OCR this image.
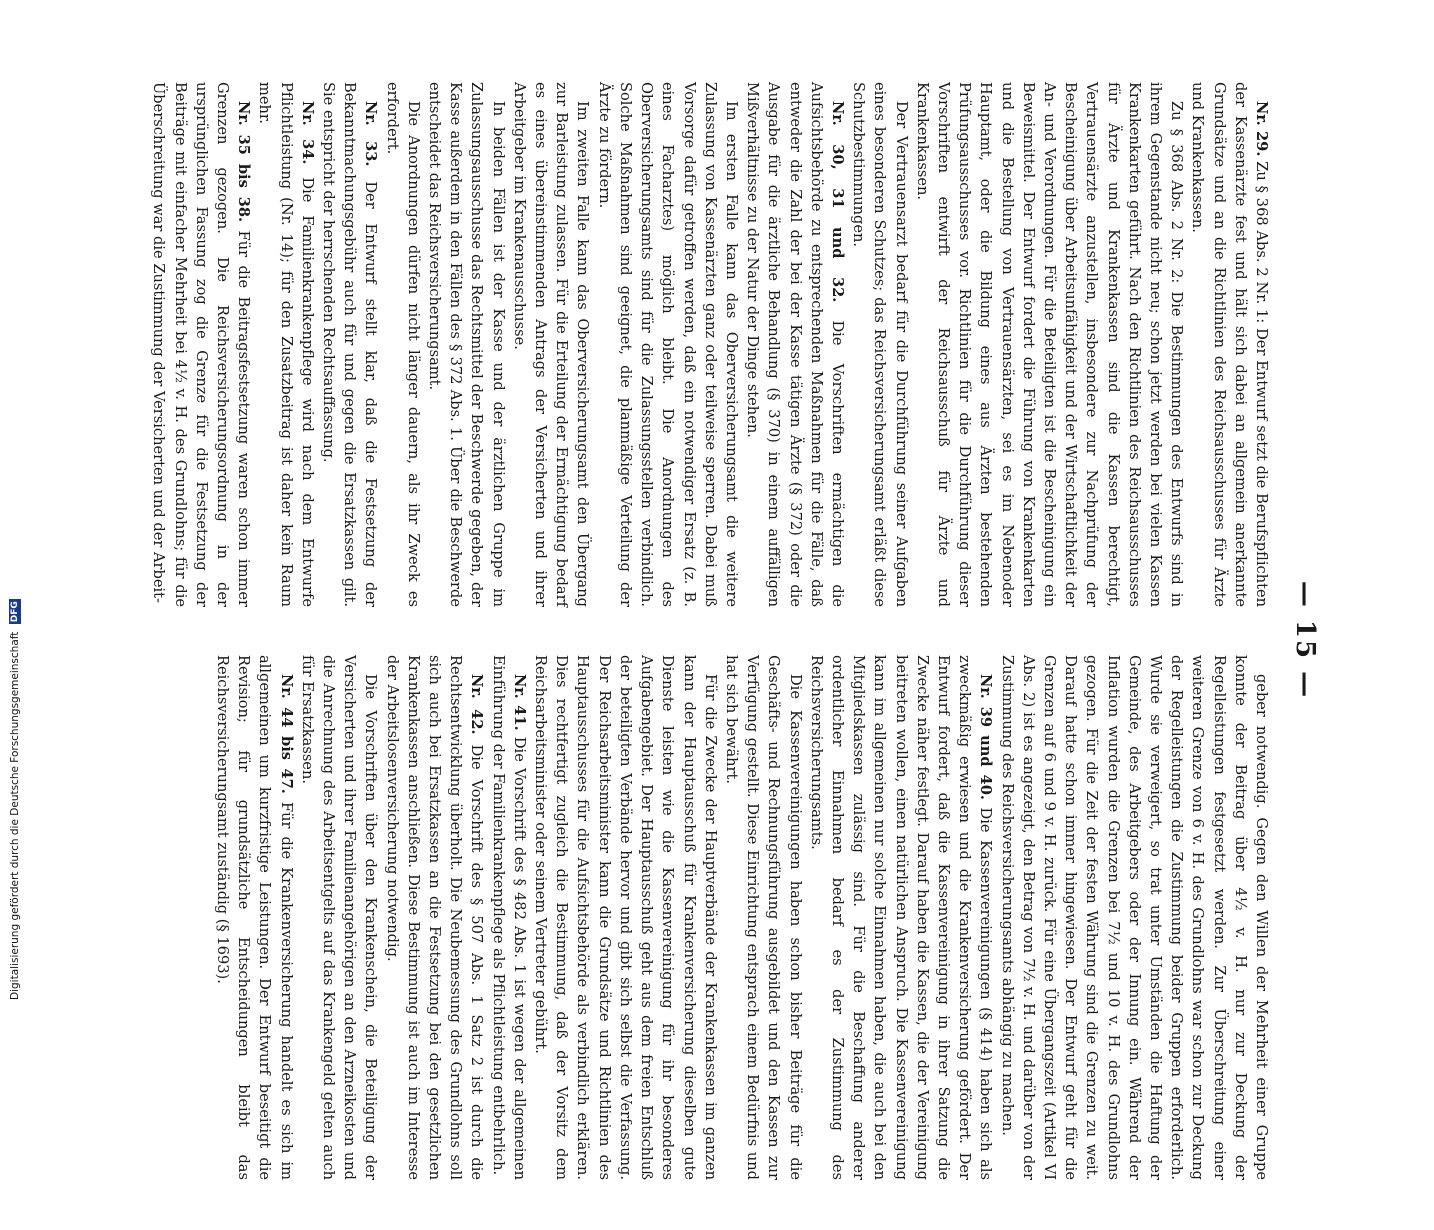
— 15 —

Nr. 29. Zu § 368 Abs. 2 Nr. 1: Der Entwurf setzt die Berufspflichten der Kassenärzte fest und hält sich dabei an allgemein anerkannte Grundsätze und an die Richtlinien des Reichsausschusses für Ärzte und Krankenkassen.

Zu § 368 Abs. 2 Nr. 2: Die Bestimmungen des Entwurfs sind in ihrem Gegenstande nicht neu; schon jetzt werden bei vielen Kassen Krankenkarten geführt. Nach den Richtlinien des Reichsausschusses für Ärzte und Krankenkassen sind die Kassen berechtigt, Vertrauensärzte anzustellen, insbesondere zur Nachprüfung der Bescheinigung über Arbeitsunfähigkeit und der Wirtschaftlichkeit der An- und Verordnungen. Für die Beteiligten ist die Bescheinigung ein Beweismittel. Der Entwurf fordert die Führung von Krankenkarten und die Bestellung von Vertrauensärzten, sei es im Nebenoder Hauptamt, oder die Bildung eines aus Ärzten bestehenden Prüfungsausschusses vor. Richtlinien für die Durchführung dieser Vorschriften entwirft der Reichsausschuß für Ärzte und Krankenkassen.

Der Vertrauensarzt bedarf für die Durchführung seiner Aufgaben eines besonderen Schutzes; das Reichsversicherungsamt erläßt diese Schutzbestimmungen.

Nr. 30, 31 und 32. Die Vorschriften ermächtigen die Aufsichtsbehörde zu entsprechenden Maßnahmen für die Fälle, daß entweder die Zahl der bei der Kasse tätigen Ärzte (§ 372) oder die Ausgabe für die ärztliche Behandlung (§ 370) in einem auffälligen Mißverhältnisse zu der Natur der Dinge stehen.

Im ersten Falle kann das Oberversicherungsamt die weitere Zulassung von Kassenärzten ganz oder teilweise sperren. Dabei muß Vorsorge dafür getroffen werden, daß ein notwendiger Ersatz (z. B. eines Facharztes) möglich bleibt. Die Anordnungen des Oberversicherungsamts sind für die Zulassungsstellen verbindlich. Solche Maßnahmen sind geeignet, die planmäßige Verteilung der Ärzte zu fördern.

Im zweiten Falle kann das Oberversicherungsamt den Übergang zur Barleistung zulassen. Für die Erteilung der Ermächtigung bedarf es eines übereinstimmenden Antrags der Versicherten und ihrer Arbeitgeber im Krankenausschusse.

In beiden Fällen ist der Kasse und der ärztlichen Gruppe im Zulassungsausschusse das Rechtsmittel der Beschwerde gegeben, der Kasse außerdem in den Fällen des § 372 Abs. 1. Über die Beschwerde entscheidet das Reichsversicherungsamt.

Die Anordnungen dürfen nicht länger dauern, als ihr Zweck es erfordert.

Nr. 33. Der Entwurf stellt klar, daß die Festsetzung der Bekanntmachungsgebühr auch für und gegen die Ersatzkassen gilt. Sie entspricht der herrschenden Rechtsauffassung.

Nr. 34. Die Familienkrankenpflege wird nach dem Entwurfe Pflichtleistung (Nr. 14); für den Zusatzbeitrag ist daher kein Raum mehr.

Nr. 35 bis 38. Für die Beitragsfestsetzung waren schon immer Grenzen gezogen. Die Reichsversicherungsordnung in der ursprünglichen Fassung zog die Grenze für die Festsetzung der Beiträge mit einfacher Mehrheit bei 4½ v. H. des Grundlohns; für die Überschreitung war die Zustimmung der Versicherten und der Arbeit-

geber notwendig. Gegen den Willen der Mehrheit einer Gruppe konnte der Beitrag über 4½ v. H. nur zur Deckung der Regelleistungen festgesetzt werden. Zur Überschreitung einer weiteren Grenze von 6 v. H. des Grundlohns war schon zur Deckung der Regelleistungen die Zustimmung beider Gruppen erforderlich. Wurde sie verweigert, so trat unter Umständen die Haftung der Gemeinde, des Arbeitgebers oder der Innung ein. Während der Inflation wurden die Grenzen bei 7½ und 10 v. H. des Grundlohns gezogen. Für die Zeit der festen Währung sind die Grenzen zu weit. Darauf hatte schon immer hingewiesen. Der Entwurf geht für die Grenzen auf 6 und 9 v. H. zurück. Für eine Übergangszeit (Artikel VI Abs. 2) ist es angezeigt, den Betrag von 7½ v. H. und darüber von der Zustimmung des Reichsversicherungsamts abhängig zu machen.

Nr. 39 und 40. Die Kassenvereinigungen (§ 414) haben sich als zweckmäßig erwiesen und die Krankenversicherung gefördert. Der Entwurf fordert, daß die Kassenvereinigung in ihrer Satzung die Zwecke näher festlegt. Darauf haben die Kassen, die der Vereinigung beitreten wollen, einen natürlichen Anspruch. Die Kassenvereinigung kann im allgemeinen nur solche Einnahmen haben, die auch bei den Mitgliedskassen zulässig sind. Für die Beschaffung anderer ordentlicher Einnahmen bedarf es der Zustimmung des Reichsversicherungsamts.

Die Kassenvereinigungen haben schon bisher Beiträge für die Geschäfts- und Rechnungsführung ausgebildet und den Kassen zur Verfügung gestellt. Diese Einrichtung entsprach einem Bedürfnis und hat sich bewährt.

Für die Zwecke der Hauptverbände der Krankenkassen im ganzen kann der Hauptausschuß für Krankenversicherung dieselben gute Dienste leisten wie die Kassenvereinigung für ihr besonderes Aufgabengebiet. Der Hauptausschuß geht aus dem freien Entschluß der beteiligten Verbände hervor und gibt sich selbst die Verfassung. Der Reichsarbeitsminister kann die Grundsätze und Richtlinien des Hauptausschusses für die Aufsichtsbehörde als verbindlich erklären. Dies rechtfertigt zugleich die Bestimmung, daß der Vorsitz dem Reichsarbeitsminister oder seinem Vertreter gebührt.

Nr. 41. Die Vorschrift des § 482 Abs. 1 ist wegen der allgemeinen Einführung der Familienkrankenpflege als Pflichtleistung entbehrlich.

Nr. 42. Die Vorschrift des § 507 Abs. 1 Satz 2 ist durch die Rechtsentwicklung überholt. Die Neubemessung des Grundlohns soll sich auch bei Ersatzkassen an die Festsetzung bei den gesetzlichen Krankenkassen anschließen. Diese Bestimmung ist auch im Interesse der Arbeitslosenversicherung notwendig.

Die Vorschriften über den Krankenschein, die Beteiligung der Versicherten und ihrer Familienangehörigen an den Arzneikosten und die Anrechnung des Arbeitsentgelts auf das Krankengeld gelten auch für Ersatzkassen.

Nr. 44 bis 47. Für die Krankenversicherung handelt es sich im allgemeinen um kurzfristige Leistungen. Der Entwurf beseitigt die Revision; für grundsätzliche Entscheidungen bleibt das Reichsversicherungsamt zuständig (§ 1693).

Digitalisierung gefördert durch die Deutsche Forschungsgemeinschaft DFG
